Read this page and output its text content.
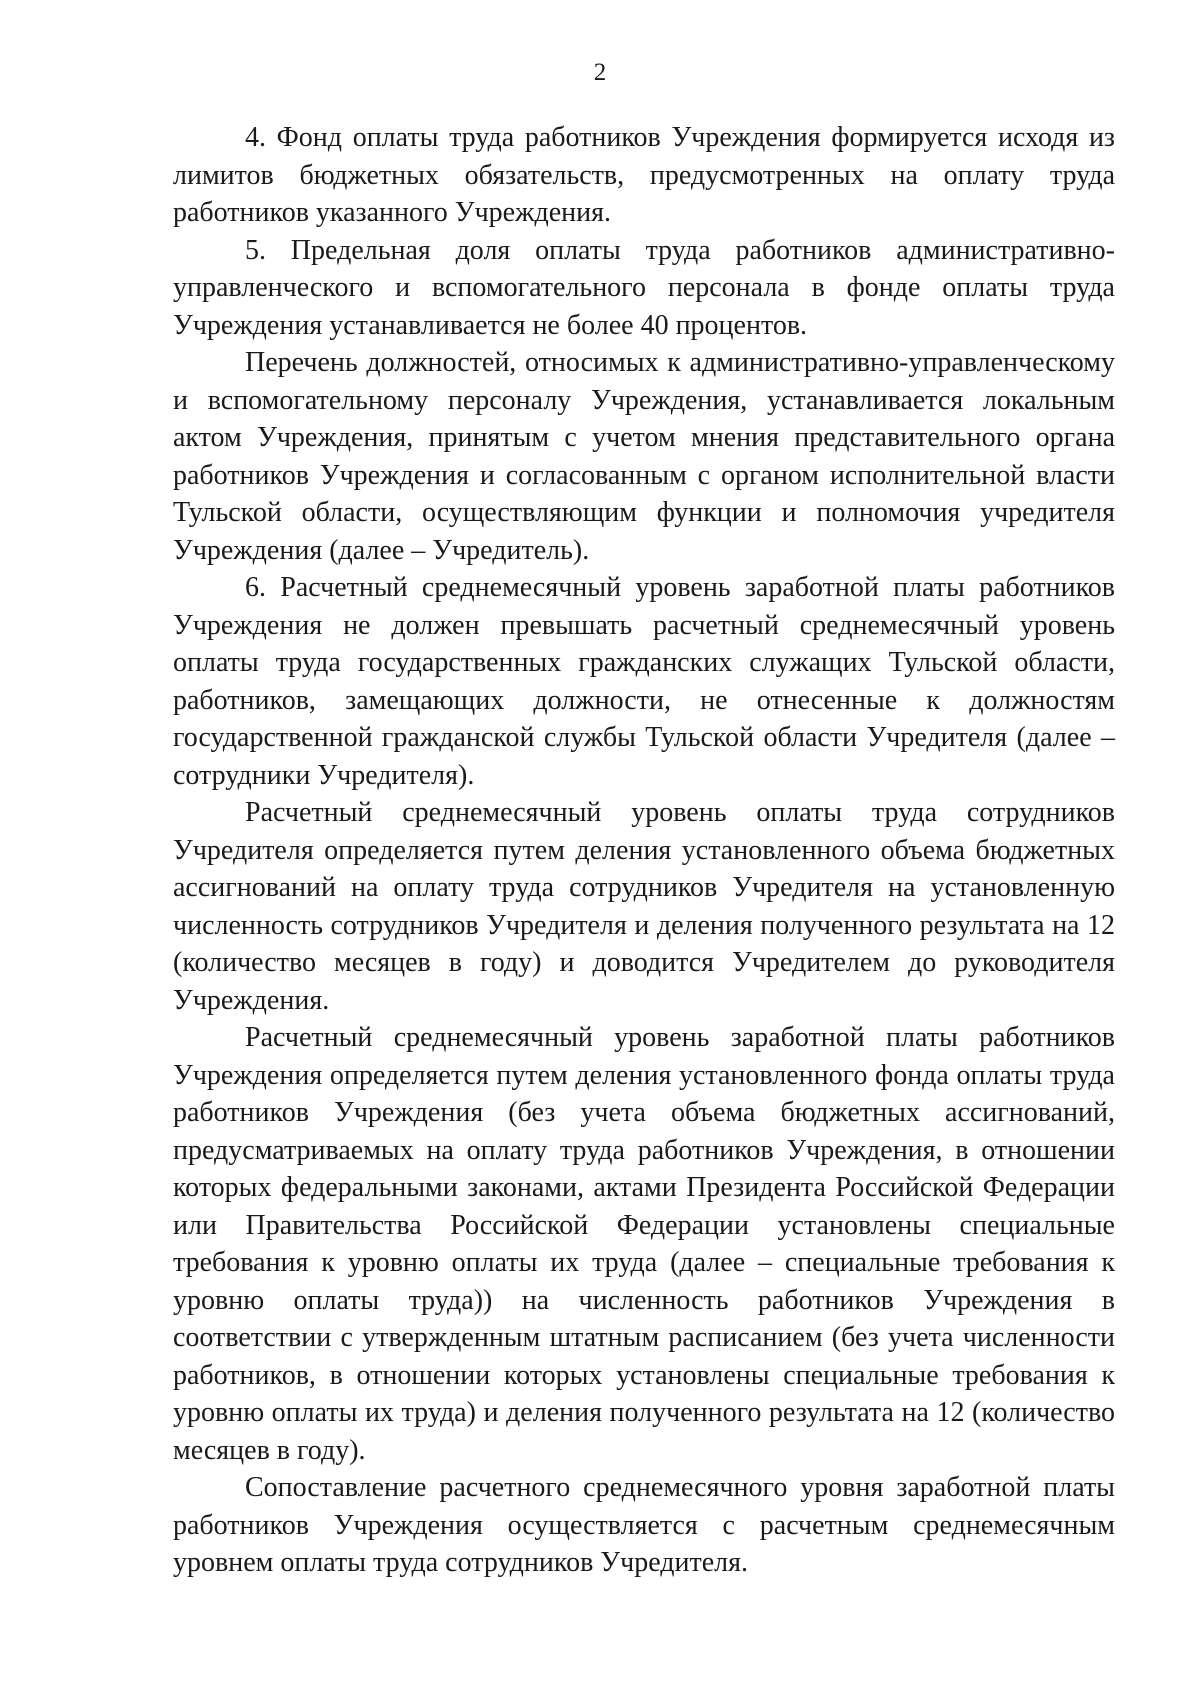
2

4. Фонд оплаты труда работников Учреждения формируется исходя из лимитов бюджетных обязательств, предусмотренных на оплату труда работников указанного Учреждения.

5. Предельная доля оплаты труда работников административно-управленческого и вспомогательного персонала в фонде оплаты труда Учреждения устанавливается не более 40 процентов.

Перечень должностей, относимых к административно-управленческому и вспомогательному персоналу Учреждения, устанавливается локальным актом Учреждения, принятым с учетом мнения представительного органа работников Учреждения и согласованным с органом исполнительной власти Тульской области, осуществляющим функции и полномочия учредителя Учреждения (далее – Учредитель).

6. Расчетный среднемесячный уровень заработной платы работников Учреждения не должен превышать расчетный среднемесячный уровень оплаты труда государственных гражданских служащих Тульской области, работников, замещающих должности, не отнесенные к должностям государственной гражданской службы Тульской области Учредителя (далее – сотрудники Учредителя).

Расчетный среднемесячный уровень оплаты труда сотрудников Учредителя определяется путем деления установленного объема бюджетных ассигнований на оплату труда сотрудников Учредителя на установленную численность сотрудников Учредителя и деления полученного результата на 12 (количество месяцев в году) и доводится Учредителем до руководителя Учреждения.

Расчетный среднемесячный уровень заработной платы работников Учреждения определяется путем деления установленного фонда оплаты труда работников Учреждения (без учета объема бюджетных ассигнований, предусматриваемых на оплату труда работников Учреждения, в отношении которых федеральными законами, актами Президента Российской Федерации или Правительства Российской Федерации установлены специальные требования к уровню оплаты их труда (далее – специальные требования к уровню оплаты труда)) на численность работников Учреждения в соответствии с утвержденным штатным расписанием (без учета численности работников, в отношении которых установлены специальные требования к уровню оплаты их труда) и деления полученного результата на 12 (количество месяцев в году).

Сопоставление расчетного среднемесячного уровня заработной платы работников Учреждения осуществляется с расчетным среднемесячным уровнем оплаты труда сотрудников Учредителя.
